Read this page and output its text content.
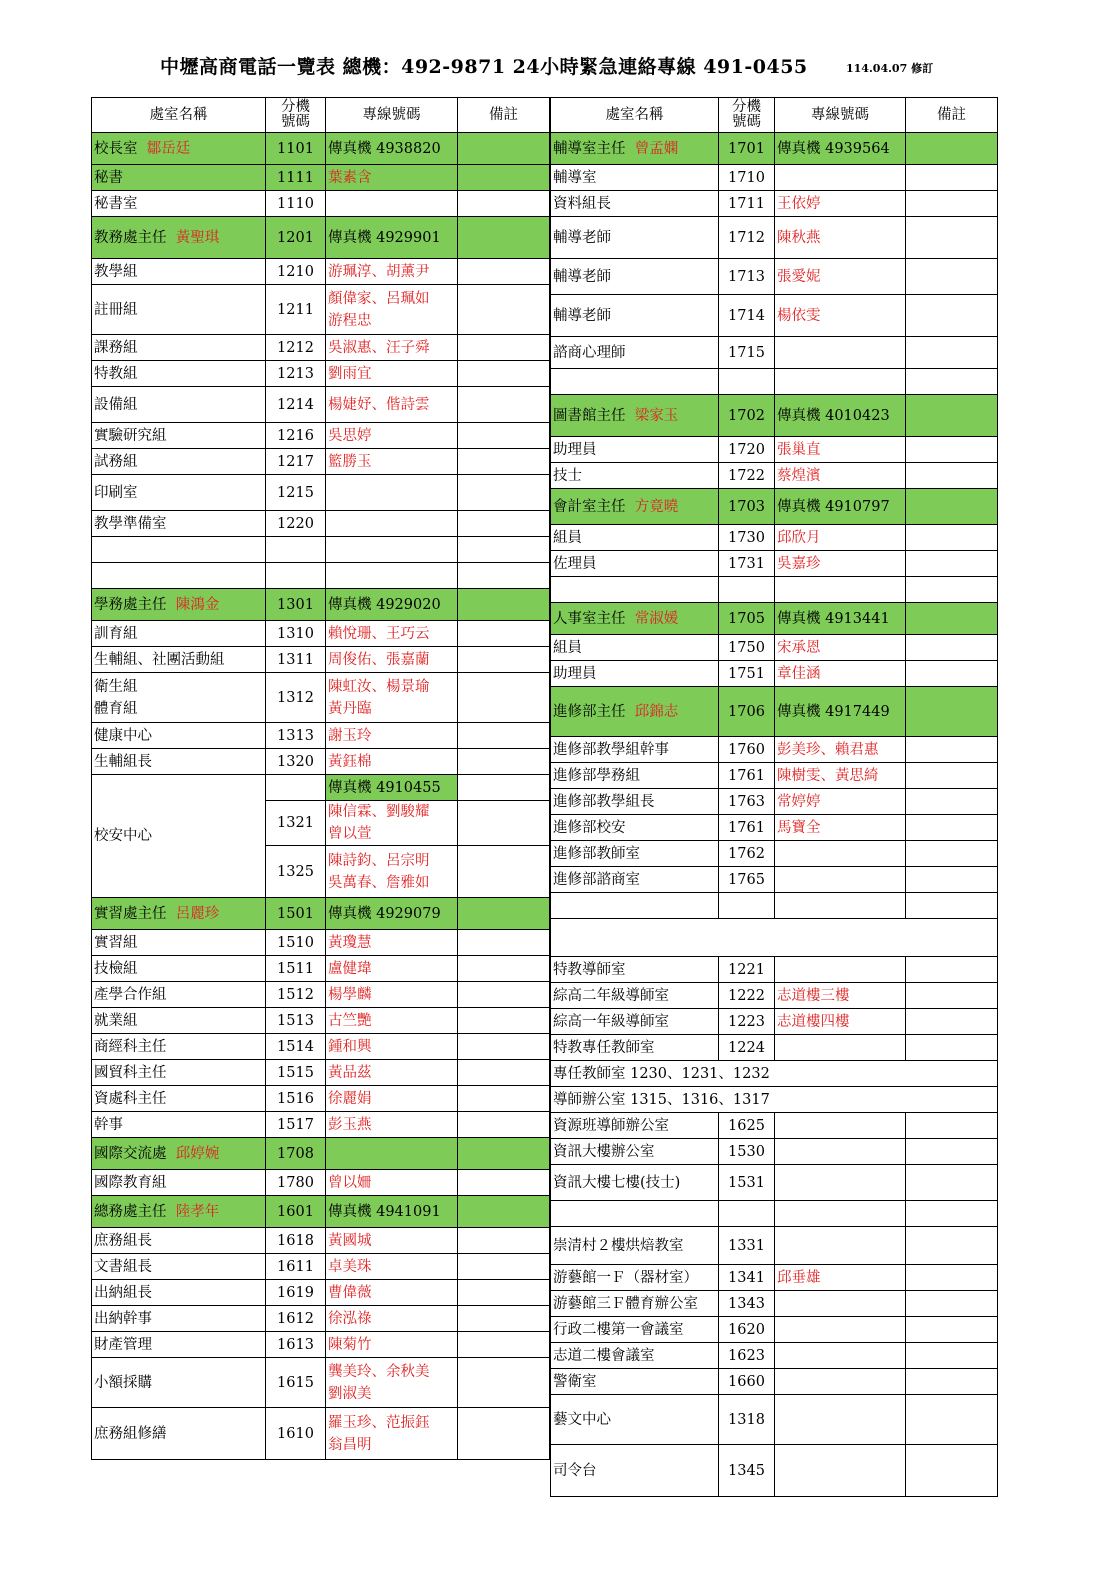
中壢高商電話一覽表 總機：492-9871 24小時緊急連絡專線 491-0455	114.04.07 修訂
處室名稱	分機
號碼	專線號碼	備註
校長室 鄒岳廷	1101	傳真機 4938820	
秘書	1111	葉素含	
秘書室	1110		
教務處主任 黃聖琪	1201	傳真機 4929901	
教學組	1210	游珮淳、胡薰尹	
註冊組	1211	顏偉家、呂珮如
游程忠	
課務組	1212	吳淑惠、汪子舜	
特教組	1213	劉雨宜	
設備組	1214	楊婕妤、偕詩雲	
實驗研究組	1216	吳思婷	
試務組	1217	籃勝玉	
印刷室	1215		
教學準備室	1220		

學務處主任 陳鴻金	1301	傳真機 4929020	
訓育組	1310	賴悅珊、王巧云	
生輔組、社團活動組	1311	周俊佑、張嘉蘭	
衛生組
體育組	1312	陳虹汝、楊景瑜
黃丹臨	
健康中心	1313	謝玉玲	
生輔組長	1320	黃鈺棉	
校安中心		傳真機 4910455	
	1321	陳信霖、劉駿耀
曾以萱	
	1325	陳詩鈞、呂宗明
吳萬春、詹雅如	
實習處主任 呂麗珍	1501	傳真機 4929079	
實習組	1510	黃瓊慧	
技檢組	1511	盧健瑋	
產學合作組	1512	楊學麟	
就業組	1513	古竺艷	
商經科主任	1514	鍾和興	
國貿科主任	1515	黃品茲	
資處科主任	1516	徐麗娟	
幹事	1517	彭玉燕	
國際交流處 邱婷婉	1708		
國際教育組	1780	曾以姍	
總務處主任 陸孝年	1601	傳真機 4941091	
庶務組長	1618	黃國城	
文書組長	1611	卓美珠	
出納組長	1619	曹偉薇	
出納幹事	1612	徐泓祿	
財產管理	1613	陳菊竹	
小額採購	1615	龔美玲、余秋美
劉淑美	
庶務組修繕	1610	羅玉珍、范振鈺
翁昌明	
處室名稱	分機
號碼	專線號碼	備註
輔導室主任 曾孟嫻	1701	傳真機 4939564	
輔導室	1710		
資料組長	1711	王依婷	
輔導老師	1712	陳秋燕	
輔導老師	1713	張愛妮	
輔導老師	1714	楊依雯	
諮商心理師	1715		

圖書館主任 梁家玉	1702	傳真機 4010423	
助理員	1720	張巢直	
技士	1722	蔡煌濱	
會計室主任 方竟曉	1703	傳真機 4910797	
組員	1730	邱欣月	
佐理員	1731	吳嘉珍	

人事室主任 常淑媛	1705	傳真機 4913441	
組員	1750	宋承恩	
助理員	1751	章佳涵	
進修部主任 邱錦志	1706	傳真機 4917449	
進修部教學組幹事	1760	彭美珍、賴君惠	
進修部學務組	1761	陳樹雯、黃思綺	
進修部教學組長	1763	常婷婷	
進修部校安	1761	馬寶全	
進修部教師室	1762		
進修部諮商室	1765		

特教導師室	1221		
綜高二年級導師室	1222	志道樓三樓	
綜高一年級導師室	1223	志道樓四樓	
特教專任教師室	1224		
專任教師室 1230、1231、1232			
導師辦公室 1315、1316、1317			
資源班導師辦公室	1625		
資訊大樓辦公室	1530		
資訊大樓七樓(技士)	1531		

崇清村２樓烘焙教室	1331		
游藝館一Ｆ（器材室）	1341	邱垂雄	
游藝館三Ｆ體育辦公室	1343		
行政二樓第一會議室	1620		
志道二樓會議室	1623		
警衛室	1660		
藝文中心	1318		
司令台	1345		
